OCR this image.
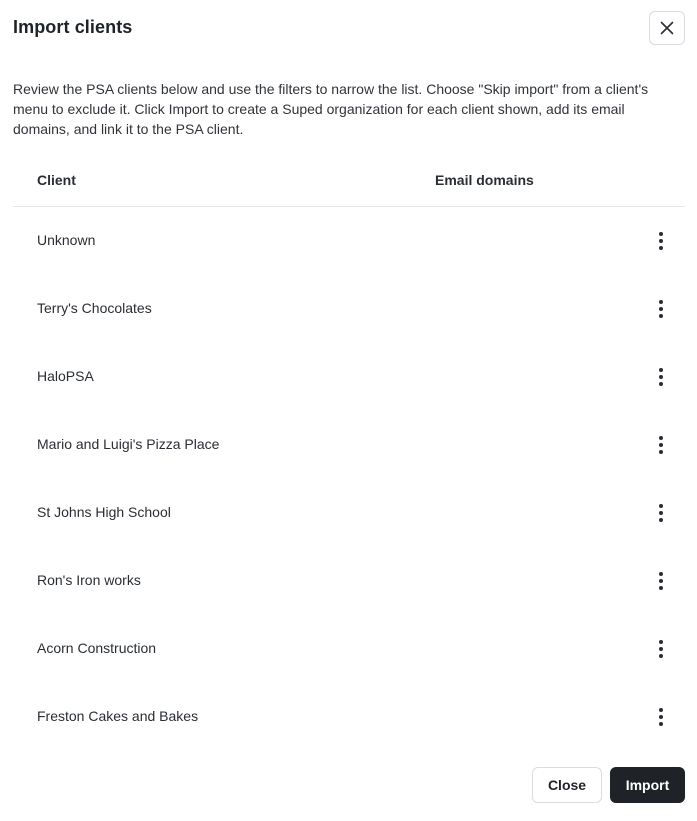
Import clients

Review the PSA clients below and use the filters to narrow the list. Choose "Skip import" from a client's menu to exclude it. Click Import to create a Suped organization for each client shown, add its email domains, and link it to the PSA client.

Client	Email domains
Unknown
Terry's Chocolates
HaloPSA
Mario and Luigi's Pizza Place
St Johns High School
Ron's Iron works
Acorn Construction
Freston Cakes and Bakes
Close	Import
